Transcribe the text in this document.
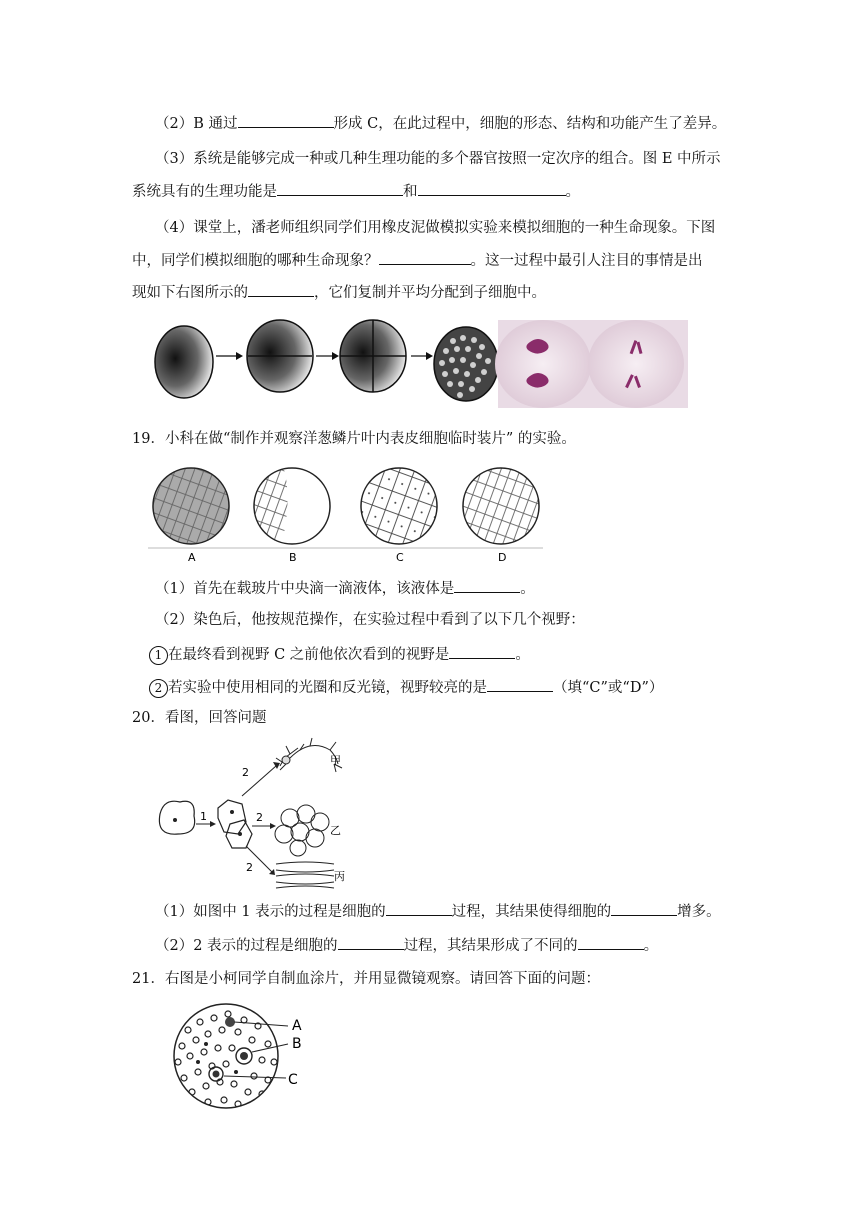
（2）B 通过	形成 C，在此过程中，细胞的形态、结构和功能产生了差异。
（3）系统是能够完成一种或几种生理功能的多个器官按照一定次序的组合。图 E 中所示
系统具有的生理功能是	和	。
（4）课堂上，潘老师组织同学们用橡皮泥做模拟实验来模拟细胞的一种生命现象。下图
中，同学们模拟细胞的哪种生命现象？	。这一过程中最引人注目的事情是出
现如下右图所示的	，它们复制并平均分配到子细胞中。
19．小科在做“制作并观察洋葱鳞片叶内表皮细胞临时装片” 的实验。
A	B	C	D
（1）首先在载玻片中央滴一滴液体，该液体是	。
（2）染色后，他按规范操作，在实验过程中看到了以下几个视野：
1 在最终看到视野 C 之前他依次看到的视野是	。
2 若实验中使用相同的光圈和反光镜，视野较亮的是	（填“C”或“D”）
20．看图，回答问题
1
2
2
2
甲
乙
丙
（1）如图中 1 表示的过程是细胞的	过程，其结果使得细胞的	增多。
（2）2 表示的过程是细胞的	过程，其结果形成了不同的	。
21．右图是小柯同学自制血涂片，并用显微镜观察。请回答下面的问题：
A
B
C
